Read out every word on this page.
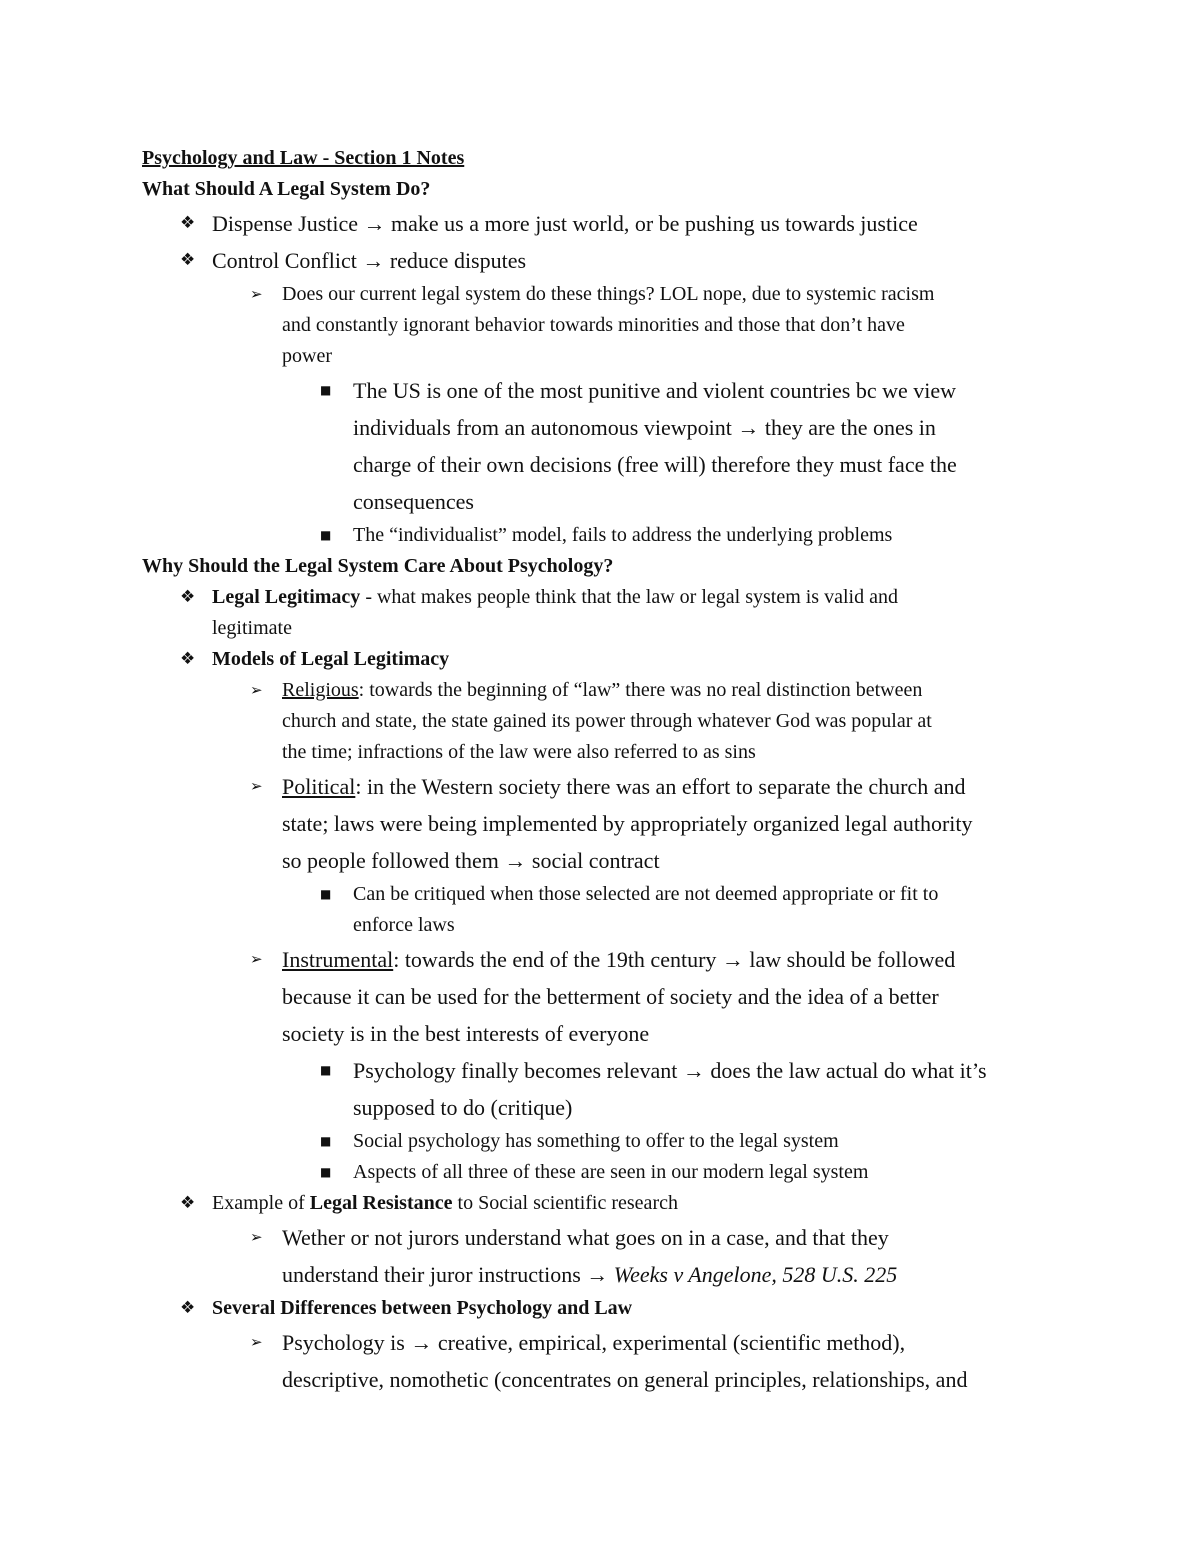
Psychology and Law - Section 1 Notes
What Should A Legal System Do?
❖ Dispense Justice → make us a more just world, or be pushing us towards justice
❖ Control Conflict → reduce disputes
➢ Does our current legal system do these things? LOL nope, due to systemic racism
and constantly ignorant behavior towards minorities and those that don’t have
power
■ The US is one of the most punitive and violent countries bc we view
individuals from an autonomous viewpoint → they are the ones in
charge of their own decisions (free will) therefore they must face the
consequences
■ The “individualist” model, fails to address the underlying problems
Why Should the Legal System Care About Psychology?
❖ Legal Legitimacy - what makes people think that the law or legal system is valid and
legitimate
❖ Models of Legal Legitimacy
➢ Religious: towards the beginning of “law” there was no real distinction between
church and state, the state gained its power through whatever God was popular at
the time; infractions of the law were also referred to as sins
➢ Political: in the Western society there was an effort to separate the church and
state; laws were being implemented by appropriately organized legal authority
so people followed them → social contract
■ Can be critiqued when those selected are not deemed appropriate or fit to
enforce laws
➢ Instrumental: towards the end of the 19th century → law should be followed
because it can be used for the betterment of society and the idea of a better
society is in the best interests of everyone
■ Psychology finally becomes relevant → does the law actual do what it’s
supposed to do (critique)
■ Social psychology has something to offer to the legal system
■ Aspects of all three of these are seen in our modern legal system
❖ Example of Legal Resistance to Social scientific research
➢ Wether or not jurors understand what goes on in a case, and that they
understand their juror instructions → Weeks v Angelone, 528 U.S. 225
❖ Several Differences between Psychology and Law
➢ Psychology is → creative, empirical, experimental (scientific method),
descriptive, nomothetic (concentrates on general principles, relationships, and
